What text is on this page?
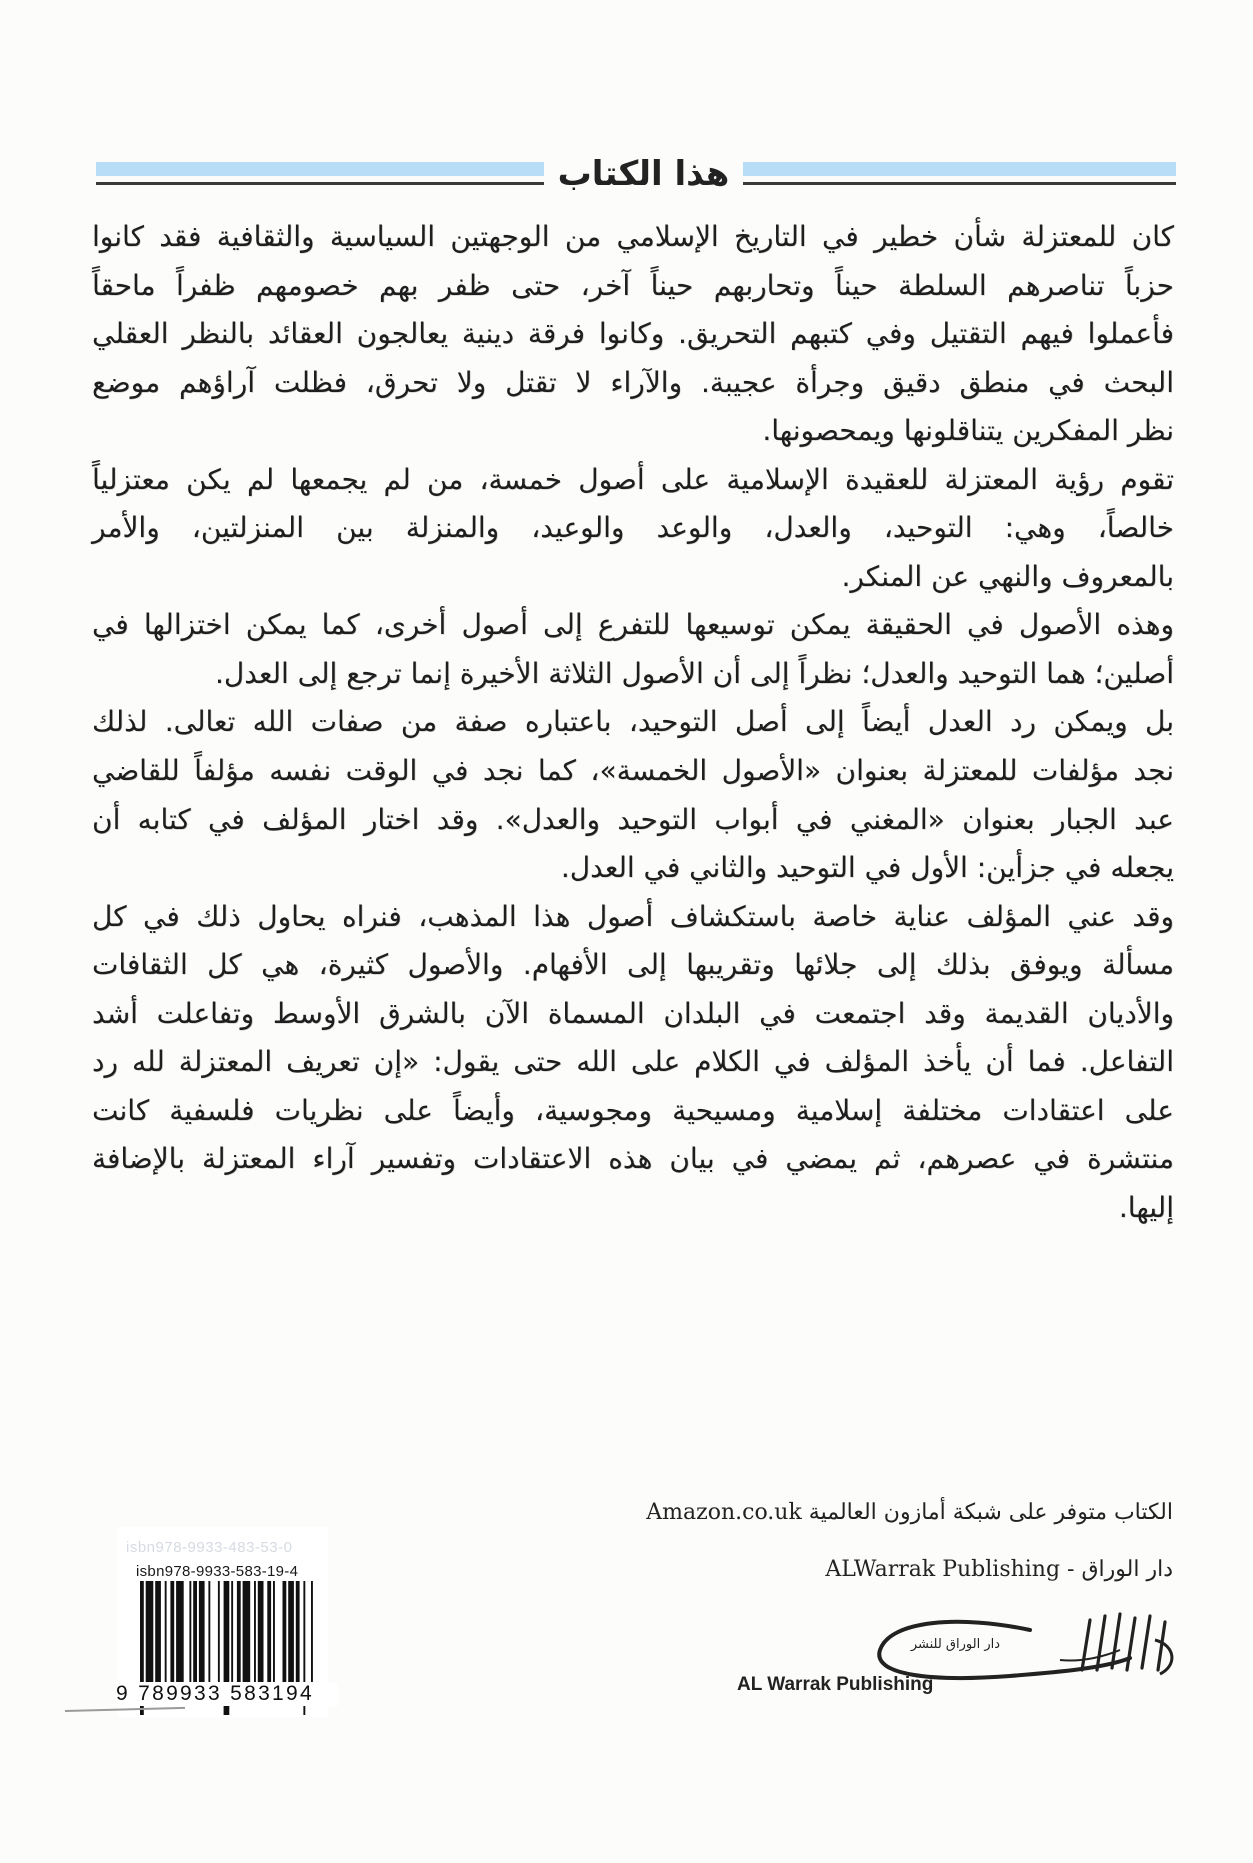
هذا الكتاب
كان للمعتزلة شأن خطير في التاريخ الإسلامي من الوجهتين السياسية والثقافية فقد كانوا
حزباً تناصرهم السلطة حيناً وتحاربهم حيناً آخر، حتى ظفر بهم خصومهم ظفراً ماحقاً
فأعملوا فيهم التقتيل وفي كتبهم التحريق. وكانوا فرقة دينية يعالجون العقائد بالنظر العقلي
البحث في منطق دقيق وجرأة عجيبة. والآراء لا تقتل ولا تحرق، فظلت آراؤهم موضع
نظر المفكرين يتناقلونها ويمحصونها.
تقوم رؤية المعتزلة للعقيدة الإسلامية على أصول خمسة، من لم يجمعها لم يكن معتزلياً
خالصاً، وهي: التوحيد، والعدل، والوعد والوعيد، والمنزلة بين المنزلتين، والأمر
بالمعروف والنهي عن المنكر.
وهذه الأصول في الحقيقة يمكن توسيعها للتفرع إلى أصول أخرى، كما يمكن اختزالها في
أصلين؛ هما التوحيد والعدل؛ نظراً إلى أن الأصول الثلاثة الأخيرة إنما ترجع إلى العدل.
بل ويمكن رد العدل أيضاً إلى أصل التوحيد، باعتباره صفة من صفات الله تعالى. لذلك
نجد مؤلفات للمعتزلة بعنوان «الأصول الخمسة»، كما نجد في الوقت نفسه مؤلفاً للقاضي
عبد الجبار بعنوان «المغني في أبواب التوحيد والعدل». وقد اختار المؤلف في كتابه أن
يجعله في جزأين: الأول في التوحيد والثاني في العدل.
وقد عني المؤلف عناية خاصة باستكشاف أصول هذا المذهب، فنراه يحاول ذلك في كل
مسألة ويوفق بذلك إلى جلائها وتقريبها إلى الأفهام. والأصول كثيرة، هي كل الثقافات
والأديان القديمة وقد اجتمعت في البلدان المسماة الآن بالشرق الأوسط وتفاعلت أشد
التفاعل. فما أن يأخذ المؤلف في الكلام على الله حتى يقول: «إن تعريف المعتزلة لله رد
على اعتقادات مختلفة إسلامية ومسيحية ومجوسية، وأيضاً على نظريات فلسفية كانت
منتشرة في عصرهم، ثم يمضي في بيان هذه الاعتقادات وتفسير آراء المعتزلة بالإضافة
إليها.
الكتاب متوفر على شبكة أمازون العالمية Amazon.co.uk
دار الوراق - ALWarrak Publishing
دار الوراق للنشر
AL Warrak Publishing
isbn978-9933-483-53-0
isbn978-9933-583-19-4
9 789933 583194
